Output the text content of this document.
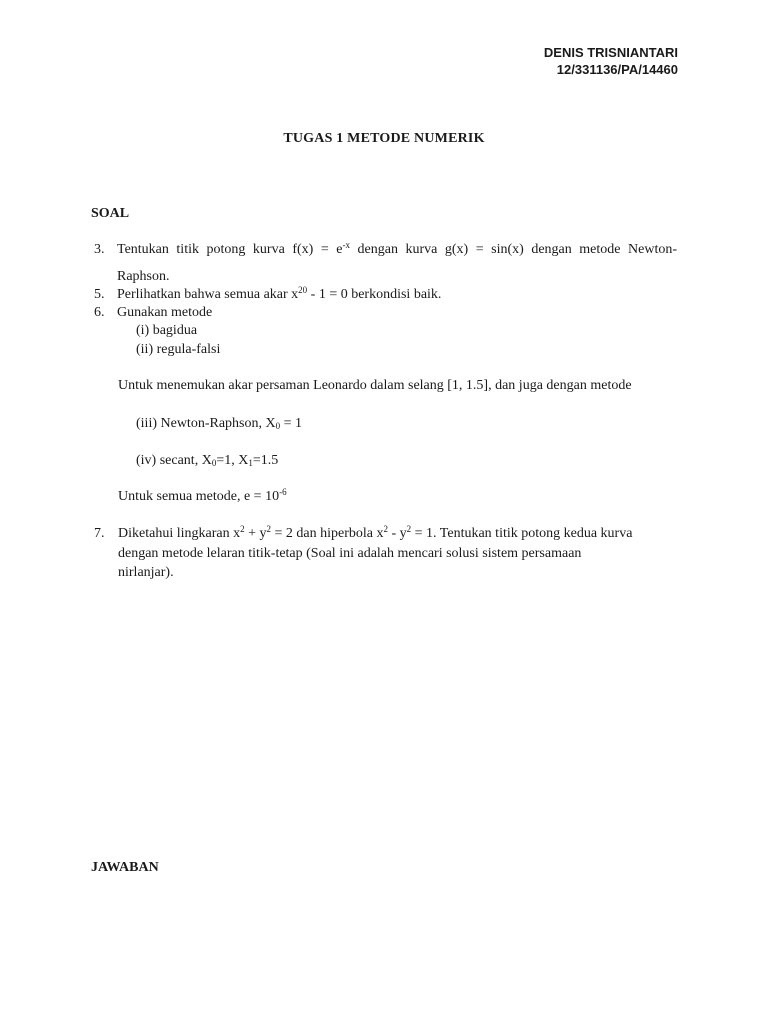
DENIS TRISNIANTARI
12/331136/PA/14460
TUGAS 1 METODE NUMERIK
SOAL
3. Tentukan titik potong kurva $f(x) = e^{-x}$ dengan kurva g(x) = sin(x) dengan metode Newton-
Raphson.
5. Perlihatkan bahwa semua akar $x^{20} - 1 = 0$ berkondisi baik.
6. Gunakan metode
(i) bagidua
(ii) regula-falsi
Untuk menemukan akar persaman Leonardo dalam selang [1, 1.5], dan juga dengan metode
(iii) Newton-Raphson, $X_0 = 1$
(iv) secant, $X_0=1$, $X_1=1.5$
Untuk semua metode, $e = 10^{-6}$
7. Diketahui lingkaran $x^2 + y^2 = 2$ dan hiperbola $x^2 - y^2 = 1$. Tentukan titik potong kedua kurva
dengan metode lelaran titik-tetap (Soal ini adalah mencari solusi sistem persamaan
nirlanjar).
JAWABAN
